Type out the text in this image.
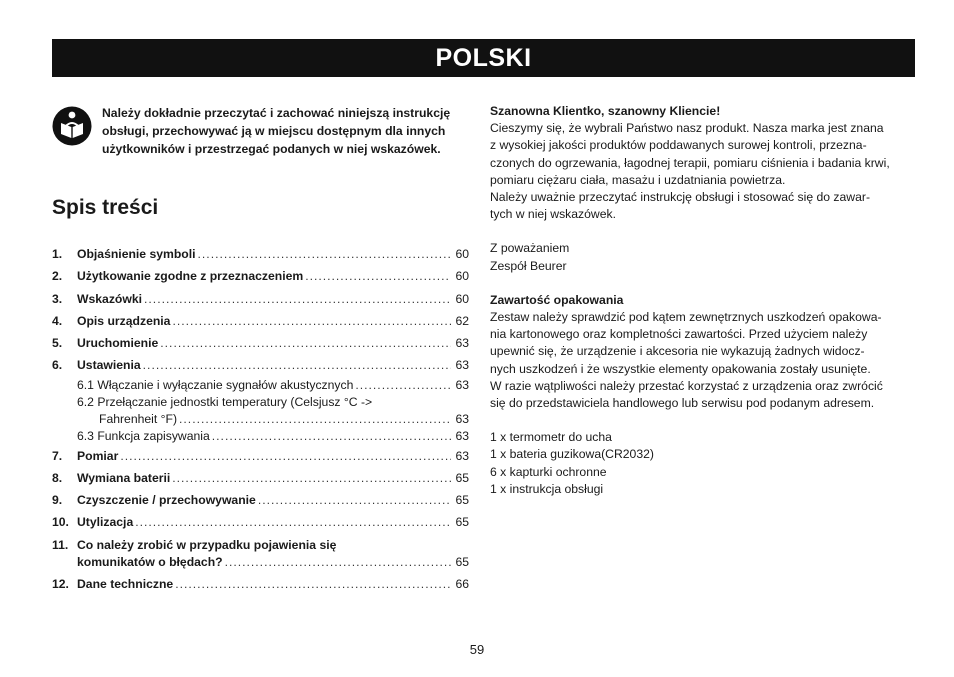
POLSKI
Należy dokładnie przeczytać i zachować niniejszą instrukcję
obsługi, przechowywać ją w miejscu dostępnym dla innych
użytkowników i przestrzegać podanych w niej wskazówek.
Spis treści
1.	Objaśnienie symboli .....	60
2.	Użytkowanie zgodne z przeznaczeniem .....	60
3.	Wskazówki .....	60
4.	Opis urządzenia .....	62
5.	Uruchomienie .....	63
6.	Ustawienia .....	63
6.1 Włączanie i wyłączanie sygnałów akustycznych .....	63
6.2 Przełączanie jednostki temperatury (Celsjusz °C ->
Fahrenheit °F) .....	63
6.3 Funkcja zapisywania .....	63
7.	Pomiar .....	63
8.	Wymiana baterii .....	65
9.	Czyszczenie / przechowywanie .....	65
10. Utylizacja .....	65
11. Co należy zrobić w przypadku pojawienia się
komunikatów o błędach? .....	65
12. Dane techniczne .....	66
Szanowna Klientko, szanowny Kliencie!
Cieszymy się, że wybrali Państwo nasz produkt. Nasza marka jest znana
z wysokiej jakości produktów poddawanych surowej kontroli, przezna-
czonych do ogrzewania, łagodnej terapii, pomiaru ciśnienia i badania krwi,
pomiaru ciężaru ciała, masażu i uzdatniania powietrza.
Należy uważnie przeczytać instrukcję obsługi i stosować się do zawar-
tych w niej wskazówek.
Z poważaniem
Zespół Beurer
Zawartość opakowania
Zestaw należy sprawdzić pod kątem zewnętrznych uszkodzeń opakowa-
nia kartonowego oraz kompletności zawartości. Przed użyciem należy
upewnić się, że urządzenie i akcesoria nie wykazują żadnych widocz-
nych uszkodzeń i że wszystkie elementy opakowania zostały usunięte.
W razie wątpliwości należy przestać korzystać z urządzenia oraz zwrócić
się do przedstawiciela handlowego lub serwisu pod podanym adresem.
1 x termometr do ucha
1 x bateria guzikowa(CR2032)
6 x kapturki ochronne
1 x instrukcja obsługi
59
